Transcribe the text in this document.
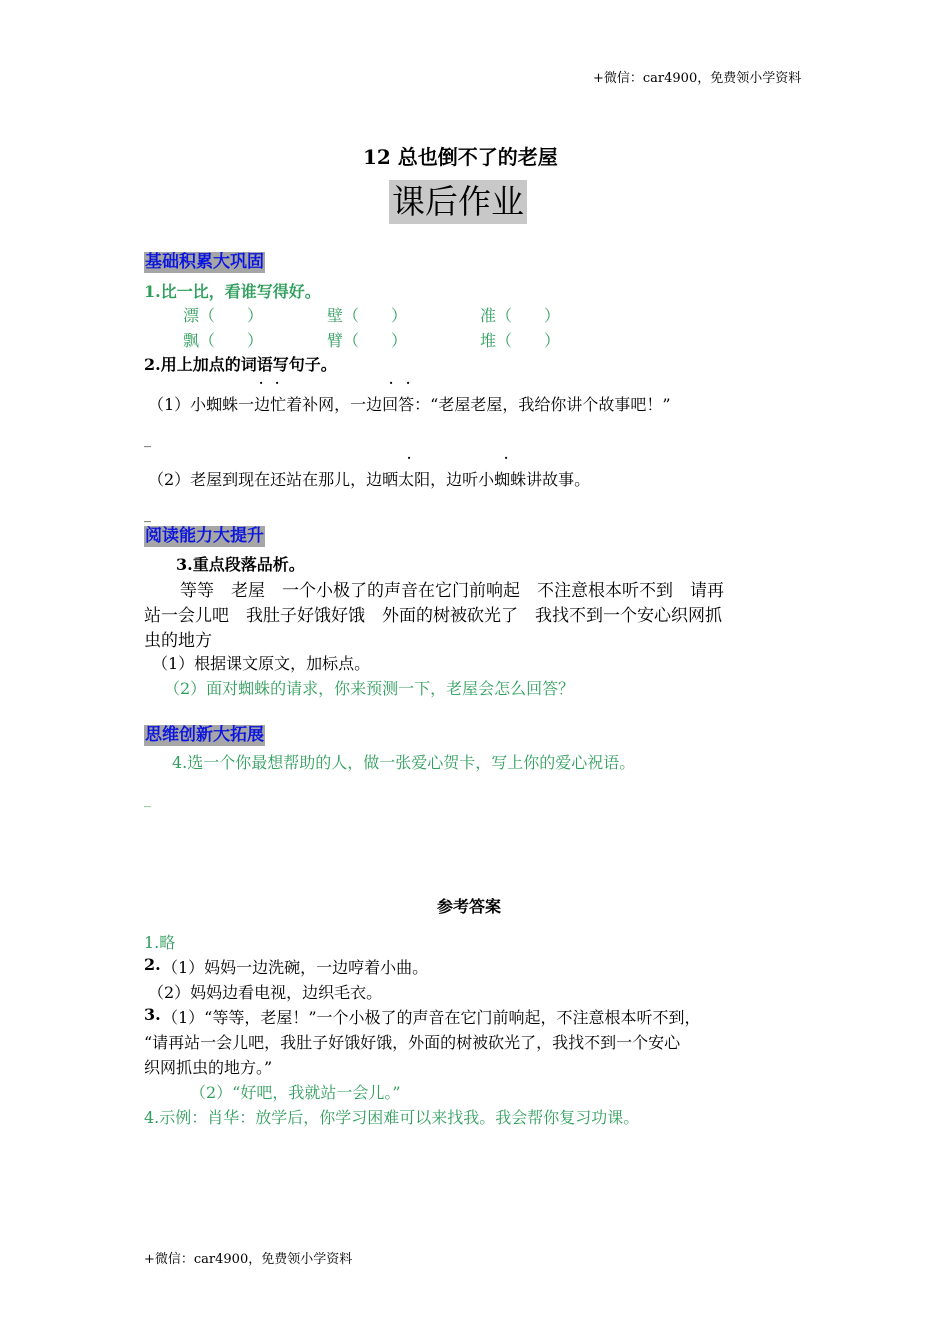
+微信：car4900，免费领小学资料
+微信：car4900，免费领小学资料
12 总也倒不了的老屋
课后作业
基础积累大巩固
1.比一比，看谁写得好。
漂（　　）	壁（　　）	准（　　）
飘（　　）	臂（　　）	堆（　　）
2.用上加点的词语写句子。
· ·	· ·
（1）小蜘蛛一边忙着补网，一边回答：“老屋老屋，我给你讲个故事吧！”
_
·	·
（2）老屋到现在还站在那儿，边晒太阳，边听小蜘蛛讲故事。
_
阅读能力大提升
3.重点段落品析。
等等　老屋　一个小极了的声音在它门前响起　不注意根本听不到　请再
站一会儿吧　我肚子好饿好饿　外面的树被砍光了　我找不到一个安心织网抓
虫的地方
（1）根据课文原文，加标点。
（2）面对蜘蛛的请求，你来预测一下，老屋会怎么回答？
思维创新大拓展
4.选一个你最想帮助的人，做一张爱心贺卡，写上你的爱心祝语。
_
参考答案
1.略
2. （1）妈妈一边洗碗，一边哼着小曲。
（2）妈妈边看电视，边织毛衣。
3. （1）“等等，老屋！”一个小极了的声音在它门前响起，不注意根本听不到，
“请再站一会儿吧，我肚子好饿好饿，外面的树被砍光了，我找不到一个安心
织网抓虫的地方。”
（2）“好吧，我就站一会儿。”
4.示例：肖华：放学后，你学习困难可以来找我。我会帮你复习功课。
